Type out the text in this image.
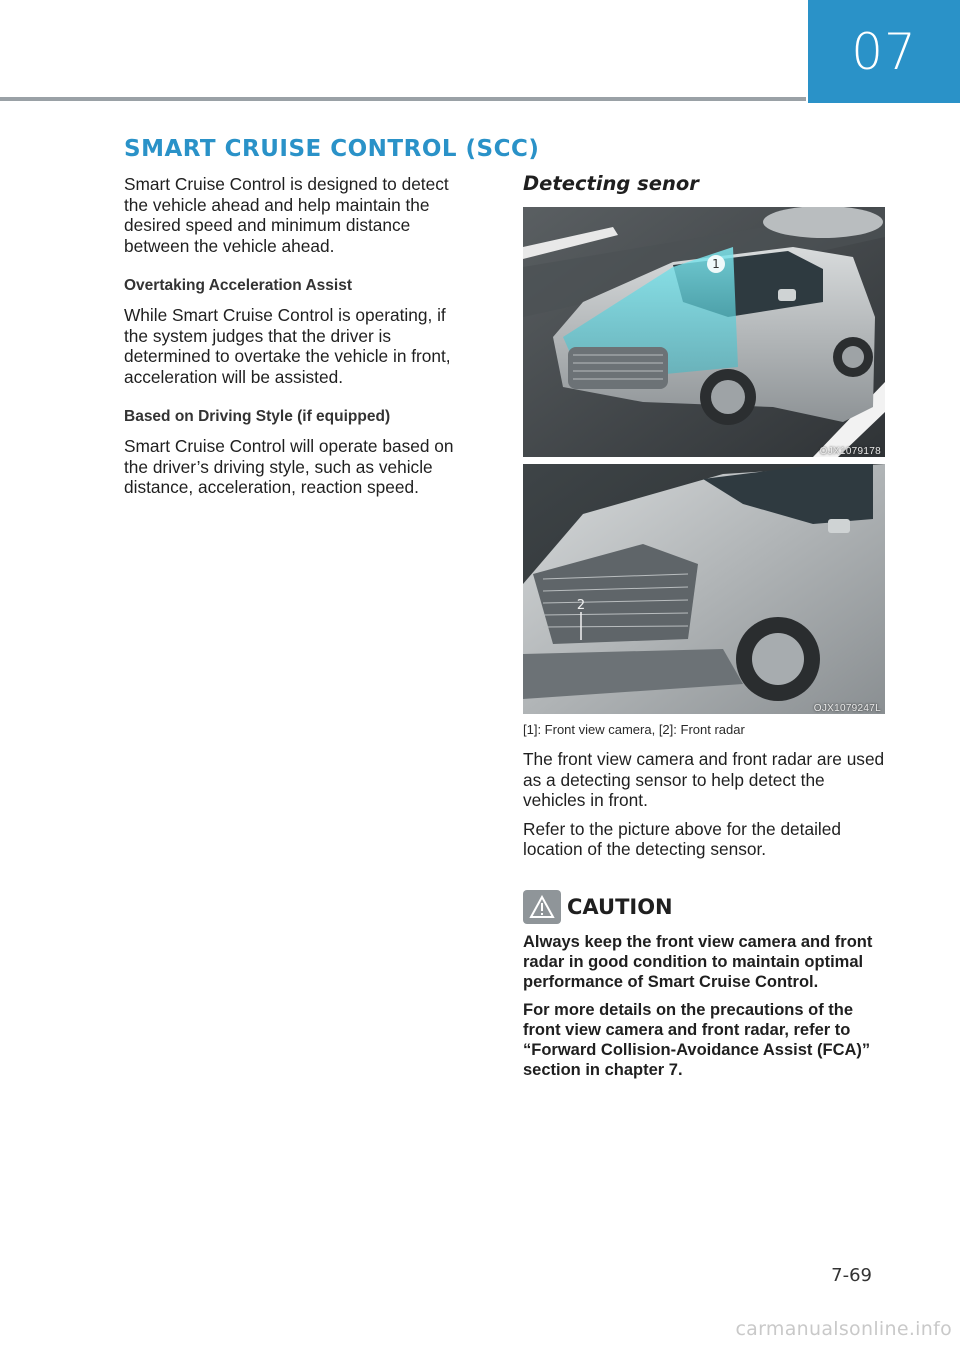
07
SMART CRUISE CONTROL (SCC)

Smart Cruise Control is designed to detect the vehicle ahead and help maintain the desired speed and minimum distance between the vehicle ahead.

Overtaking Acceleration Assist

While Smart Cruise Control is operating, if the system judges that the driver is determined to overtake the vehicle in front, acceleration will be assisted.

Based on Driving Style (if equipped)

Smart Cruise Control will operate based on the driver’s driving style, such as vehicle distance, acceleration, reaction speed.

Detecting senor

1
OJX1079178
2
OJX1079247L

[1]: Front view camera, [2]: Front radar

The front view camera and front radar are used as a detecting sensor to help detect the vehicles in front.

Refer to the picture above for the detailed location of the detecting sensor.

CAUTION

Always keep the front view camera and front radar in good condition to maintain optimal performance of Smart Cruise Control.

For more details on the precautions of the front view camera and front radar, refer to “Forward Collision-Avoidance Assist (FCA)” section in chapter 7.

7-69
carmanualsonline.info
